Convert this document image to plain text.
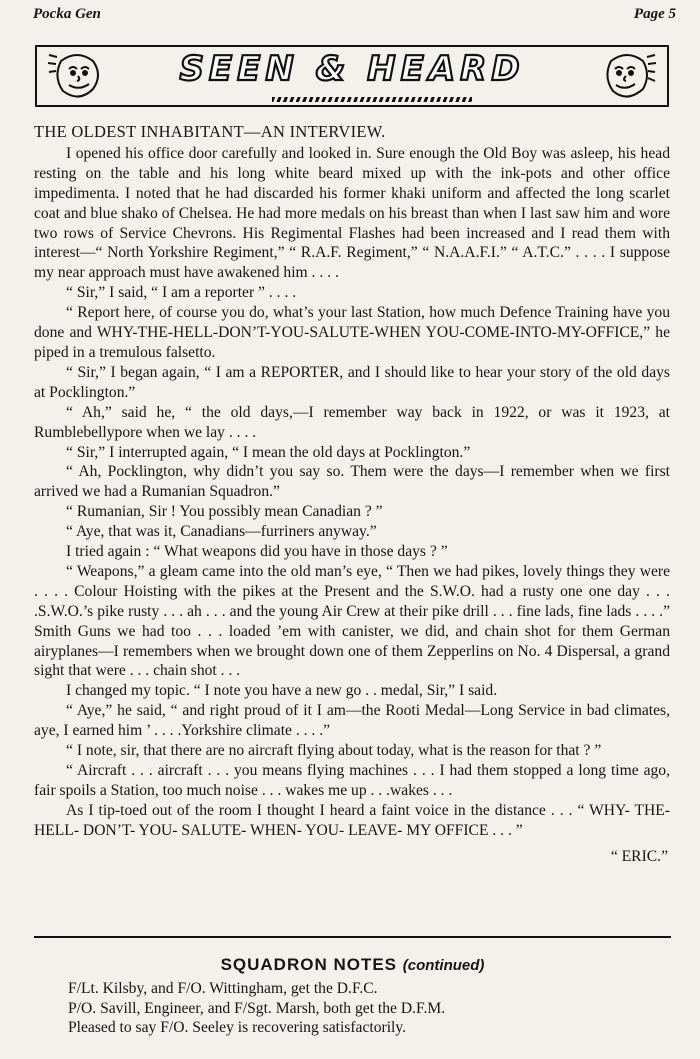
Pocka Gen	Page 5
SEEN & HEARD
THE OLDEST INHABITANT—AN INTERVIEW.

I opened his office door carefully and looked in. Sure enough the Old Boy was asleep, his head resting on the table and his long white beard mixed up with the ink-pots and other office impedimenta. I noted that he had discarded his former khaki uniform and affected the long scarlet coat and blue shako of Chelsea. He had more medals on his breast than when I last saw him and wore two rows of Service Chevrons. His Regimental Flashes had been increased and I read them with interest—“ North Yorkshire Regiment,” “ R.A.F. Regiment,” “ N.A.A.F.I.” “ A.T.C.” . . . . I suppose my near approach must have awakened him . . . .

“ Sir,” I said, “ I am a reporter ” . . . .

“ Report here, of course you do, what’s your last Station, how much Defence Training have you done and WHY-THE-HELL-DON’T-YOU-SALUTE-WHEN YOU-COME-INTO-MY-OFFICE,” he piped in a tremulous falsetto.

“ Sir,” I began again, “ I am a REPORTER, and I should like to hear your story of the old days at Pocklington.”

“ Ah,” said he, “ the old days,—I remember way back in 1922, or was it 1923, at Rumblebellypore when we lay . . . .

“ Sir,” I interrupted again, “ I mean the old days at Pocklington.”

“ Ah, Pocklington, why didn’t you say so. Them were the days—I remember when we first arrived we had a Rumanian Squadron.”

“ Rumanian, Sir ! You possibly mean Canadian ? ”

“ Aye, that was it, Canadians—furriners anyway.”

I tried again : “ What weapons did you have in those days ? ”

“ Weapons,” a gleam came into the old man’s eye, “ Then we had pikes, lovely things they were . . . . Colour Hoisting with the pikes at the Present and the S.W.O. had a rusty one one day . . . .S.W.O.’s pike rusty . . . ah . . . and the young Air Crew at their pike drill . . . fine lads, fine lads . . . .” Smith Guns we had too . . . loaded ’em with canister, we did, and chain shot for them German airyplanes—I remembers when we brought down one of them Zepperlins on No. 4 Dispersal, a grand sight that were . . . chain shot . . .

I changed my topic. “ I note you have a new go . . medal, Sir,” I said.

“ Aye,” he said, “ and right proud of it I am—the Rooti Medal—Long Service in bad climates, aye, I earned him ’ . . . .Yorkshire climate . . . .”

“ I note, sir, that there are no aircraft flying about today, what is the reason for that ? ”

“ Aircraft . . . aircraft . . . you means flying machines . . . I had them stopped a long time ago, fair spoils a Station, too much noise . . . wakes me up . . .wakes . . .

As I tip-toed out of the room I thought I heard a faint voice in the distance . . . “ WHY- THE- HELL- DON’T- YOU- SALUTE- WHEN- YOU- LEAVE- MY OFFICE . . . ”

“ ERIC.”

SQUADRON NOTES (continued)
F/Lt. Kilsby, and F/O. Wittingham, get the D.F.C.
P/O. Savill, Engineer, and F/Sgt. Marsh, both get the D.F.M.
Pleased to say F/O. Seeley is recovering satisfactorily.
